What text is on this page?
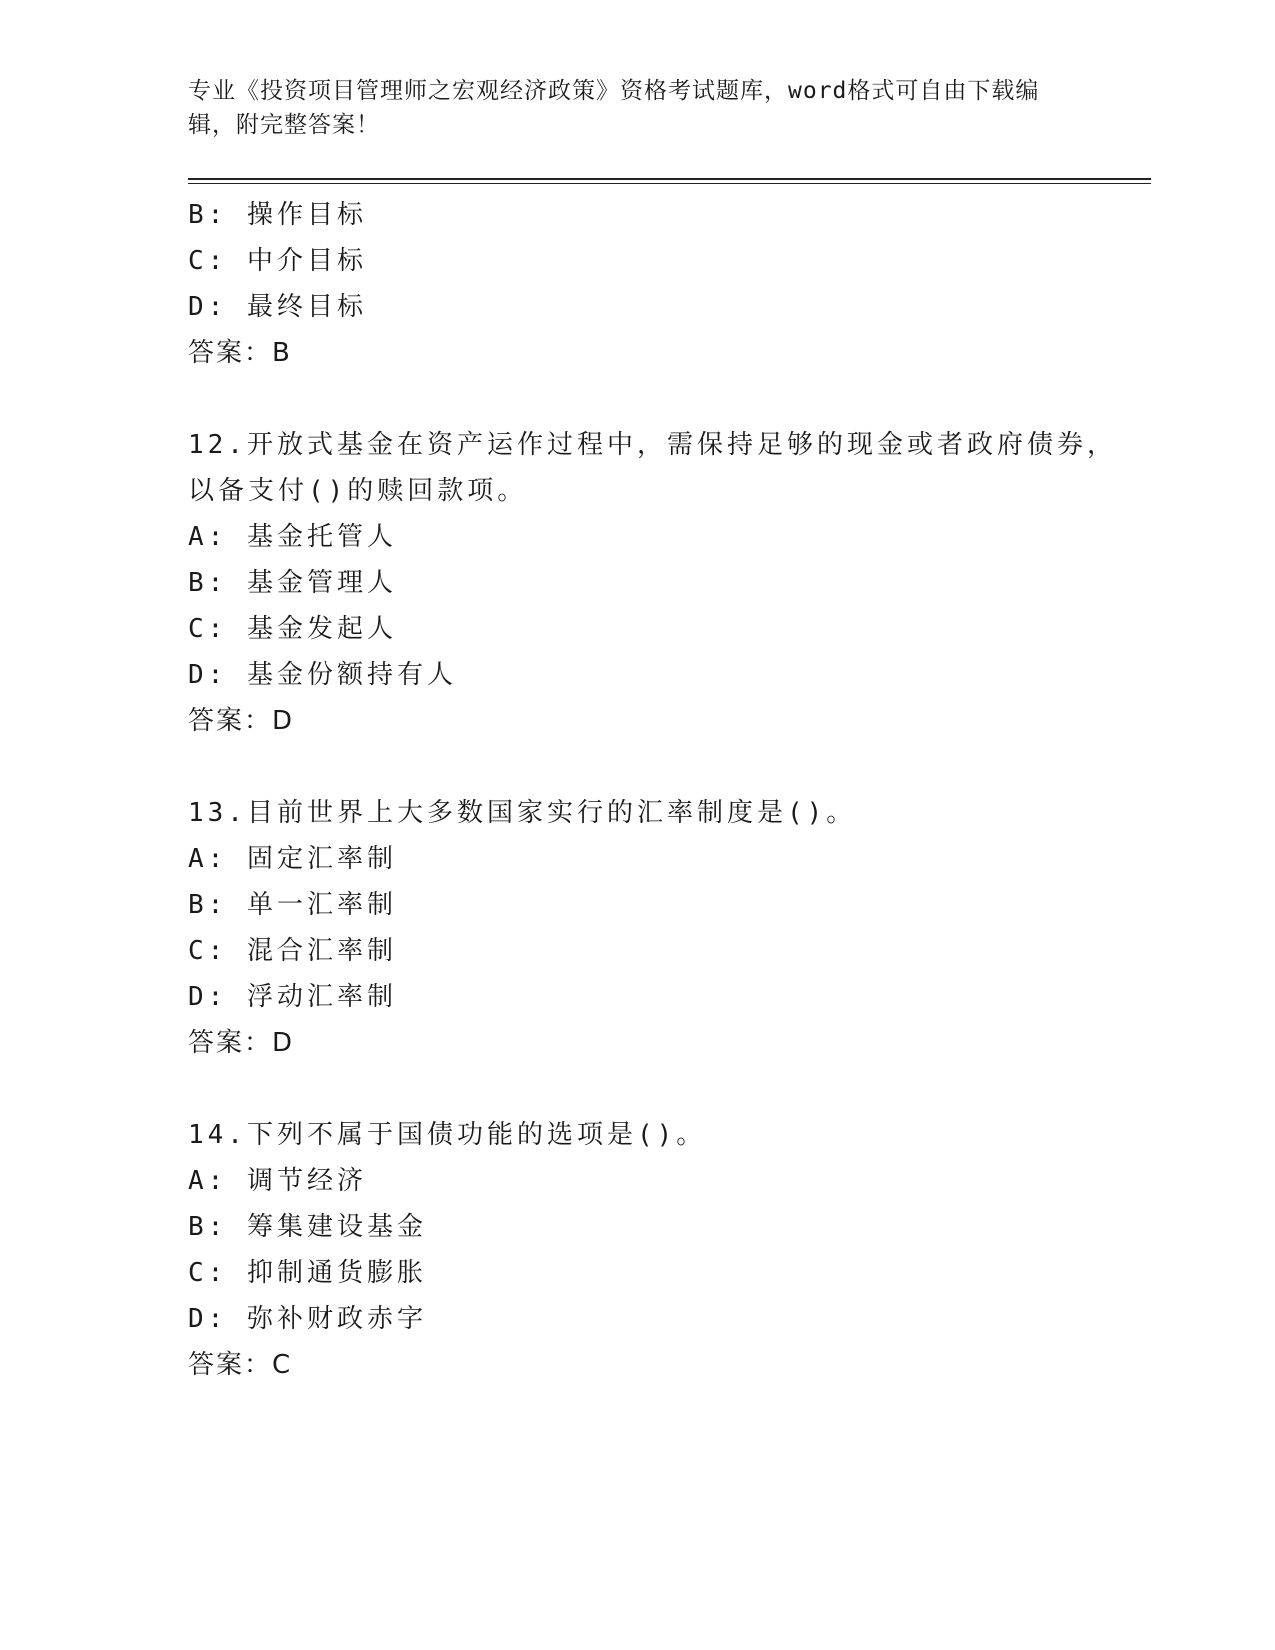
专业《投资项目管理师之宏观经济政策》资格考试题库，word格式可自由下载编
辑，附完整答案！
B: 操作目标
C: 中介目标
D: 最终目标
答案：B
12.开放式基金在资产运作过程中，需保持足够的现金或者政府债券，
以备支付()的赎回款项。
A: 基金托管人
B: 基金管理人
C: 基金发起人
D: 基金份额持有人
答案：D
13.目前世界上大多数国家实行的汇率制度是()。
A: 固定汇率制
B: 单一汇率制
C: 混合汇率制
D: 浮动汇率制
答案：D
14.下列不属于国债功能的选项是()。
A: 调节经济
B: 筹集建设基金
C: 抑制通货膨胀
D: 弥补财政赤字
答案：C
